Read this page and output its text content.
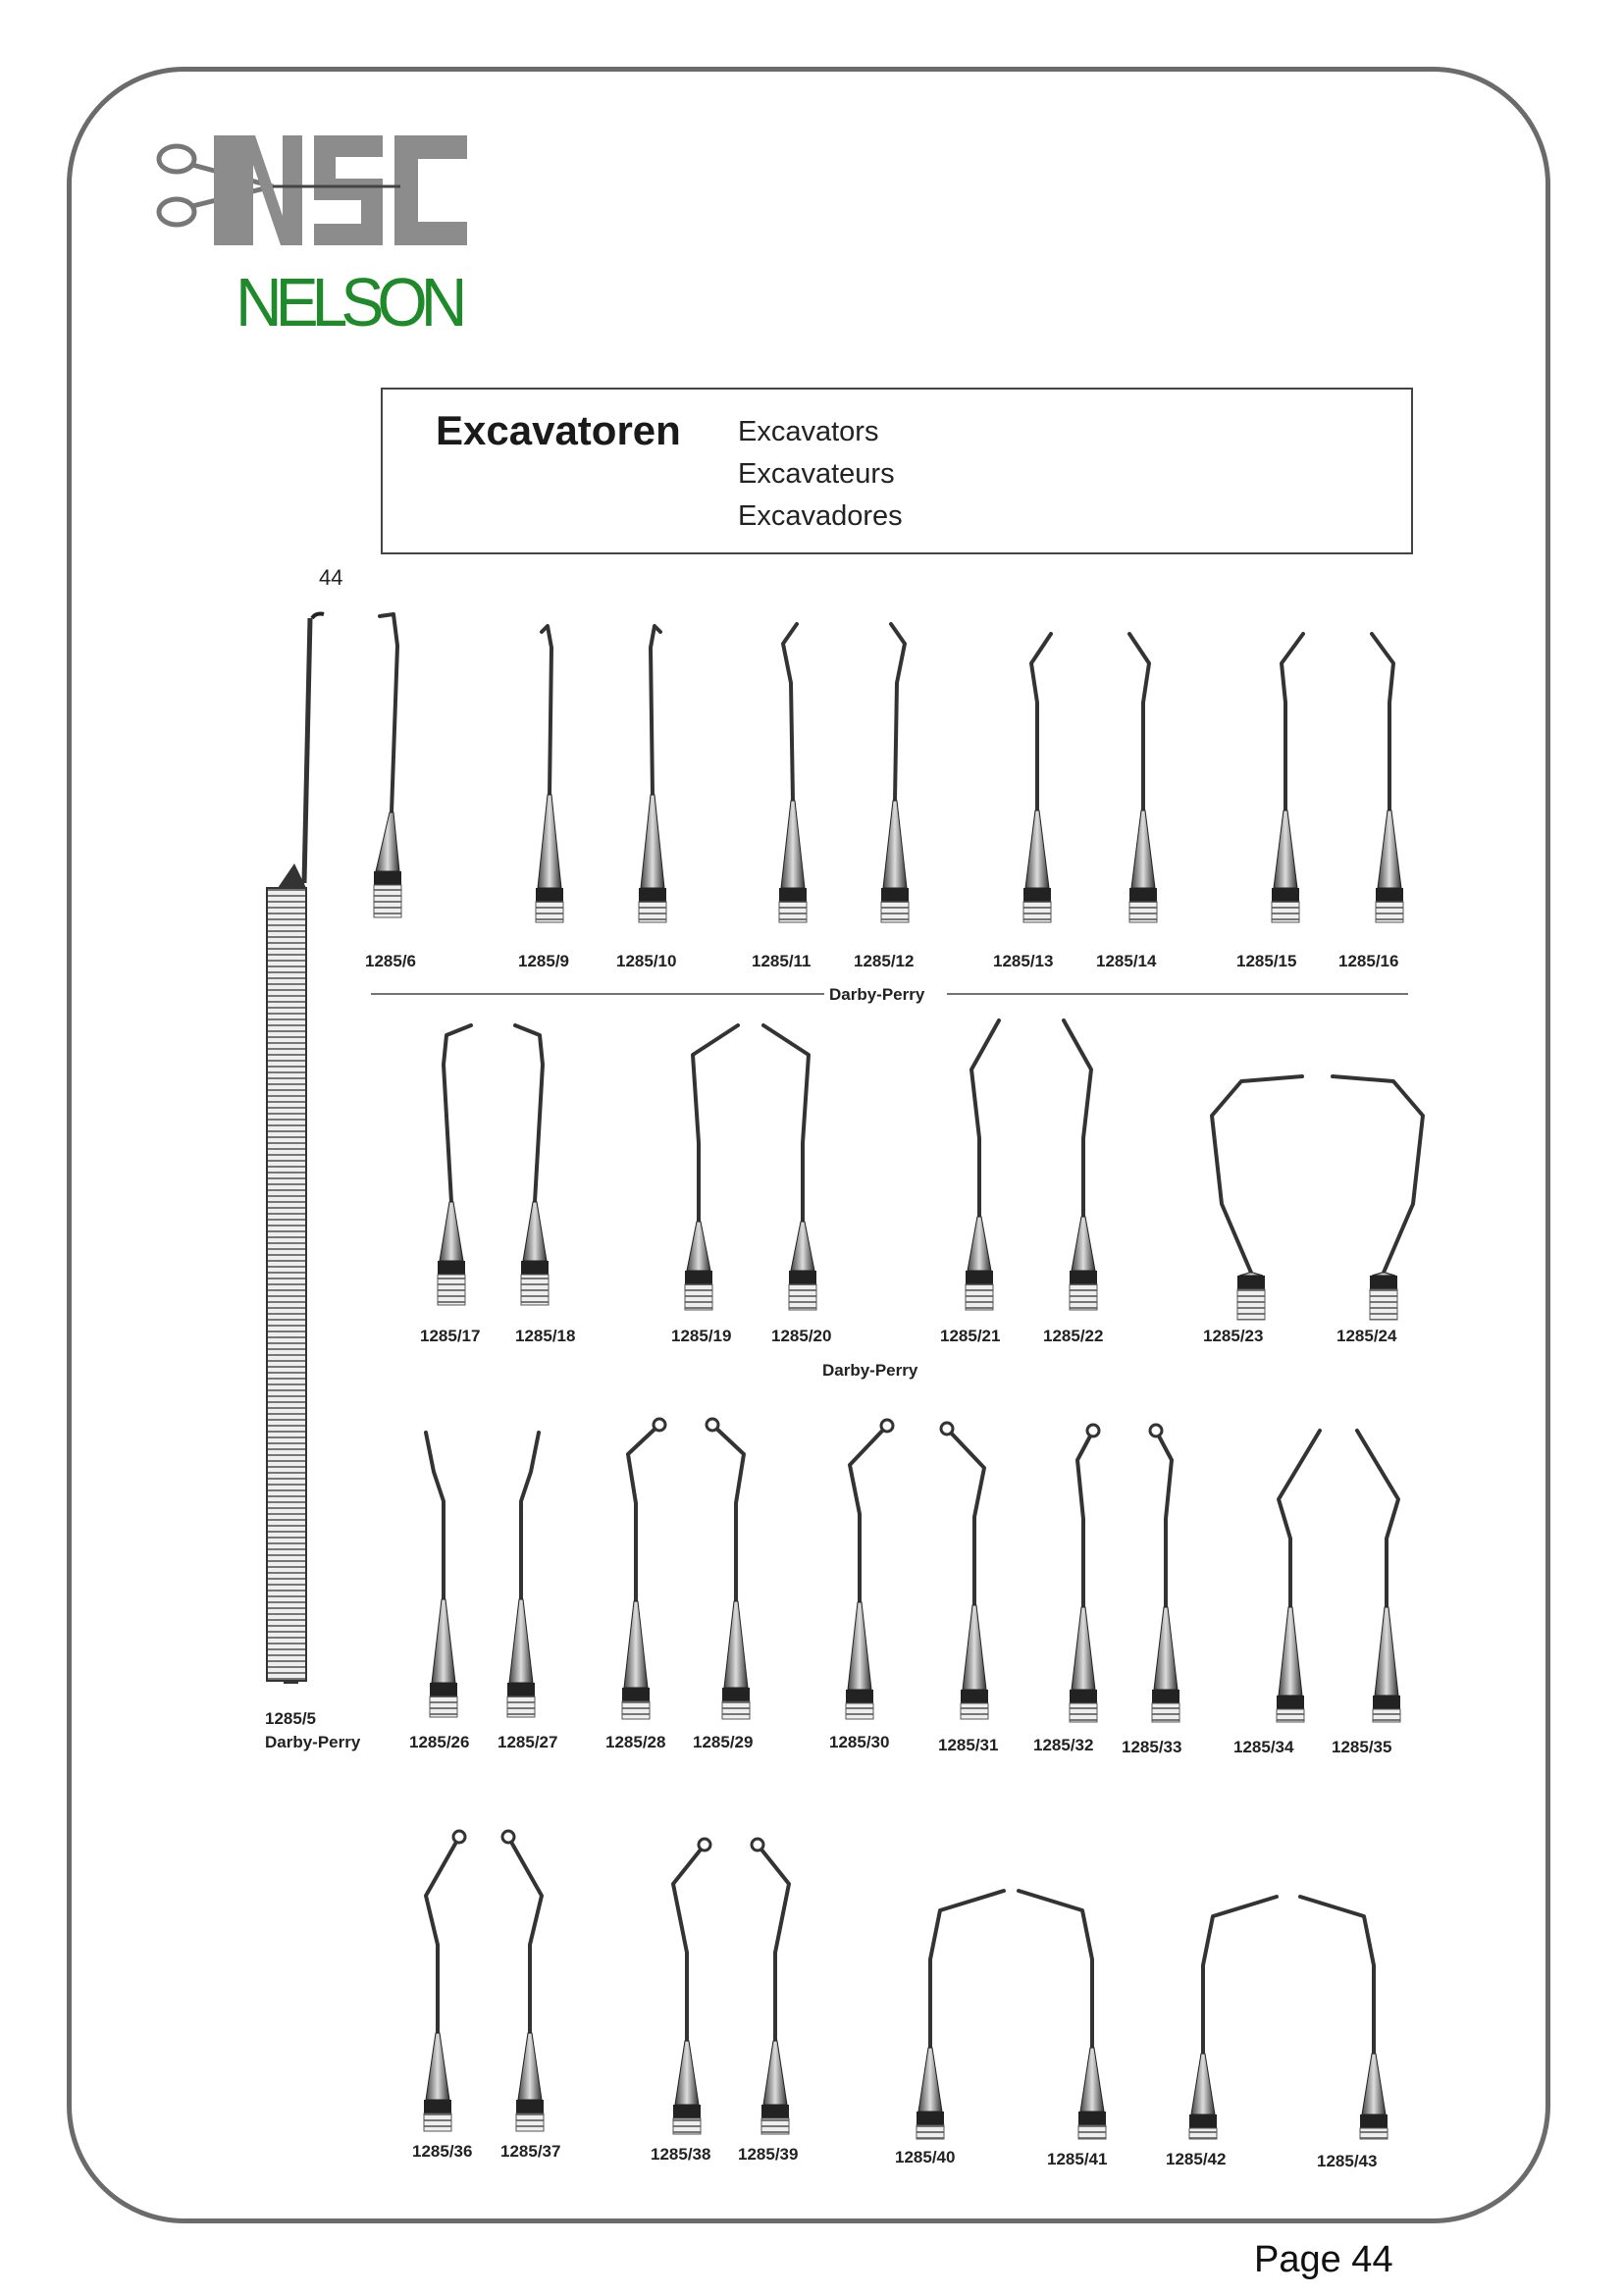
NELSON
Excavatoren Excavators
Excavateurs
Excavadores
44
1285/6	1285/9	1285/10	1285/11	1285/12	1285/13	1285/14	1285/15	1285/16
Darby-Perry
1285/17 1285/18	1285/19 1285/20	1285/21	1285/22	1285/23	1285/24
Darby-Perry
1285/5
Darby-Perry	1285/26 1285/27	1285/28 1285/29	1285/30	1285/31 1285/32 1285/33	1285/34 1285/35
1285/36 1285/37	1285/38 1285/39	1285/40	1285/41	1285/42	1285/43
Page 44
